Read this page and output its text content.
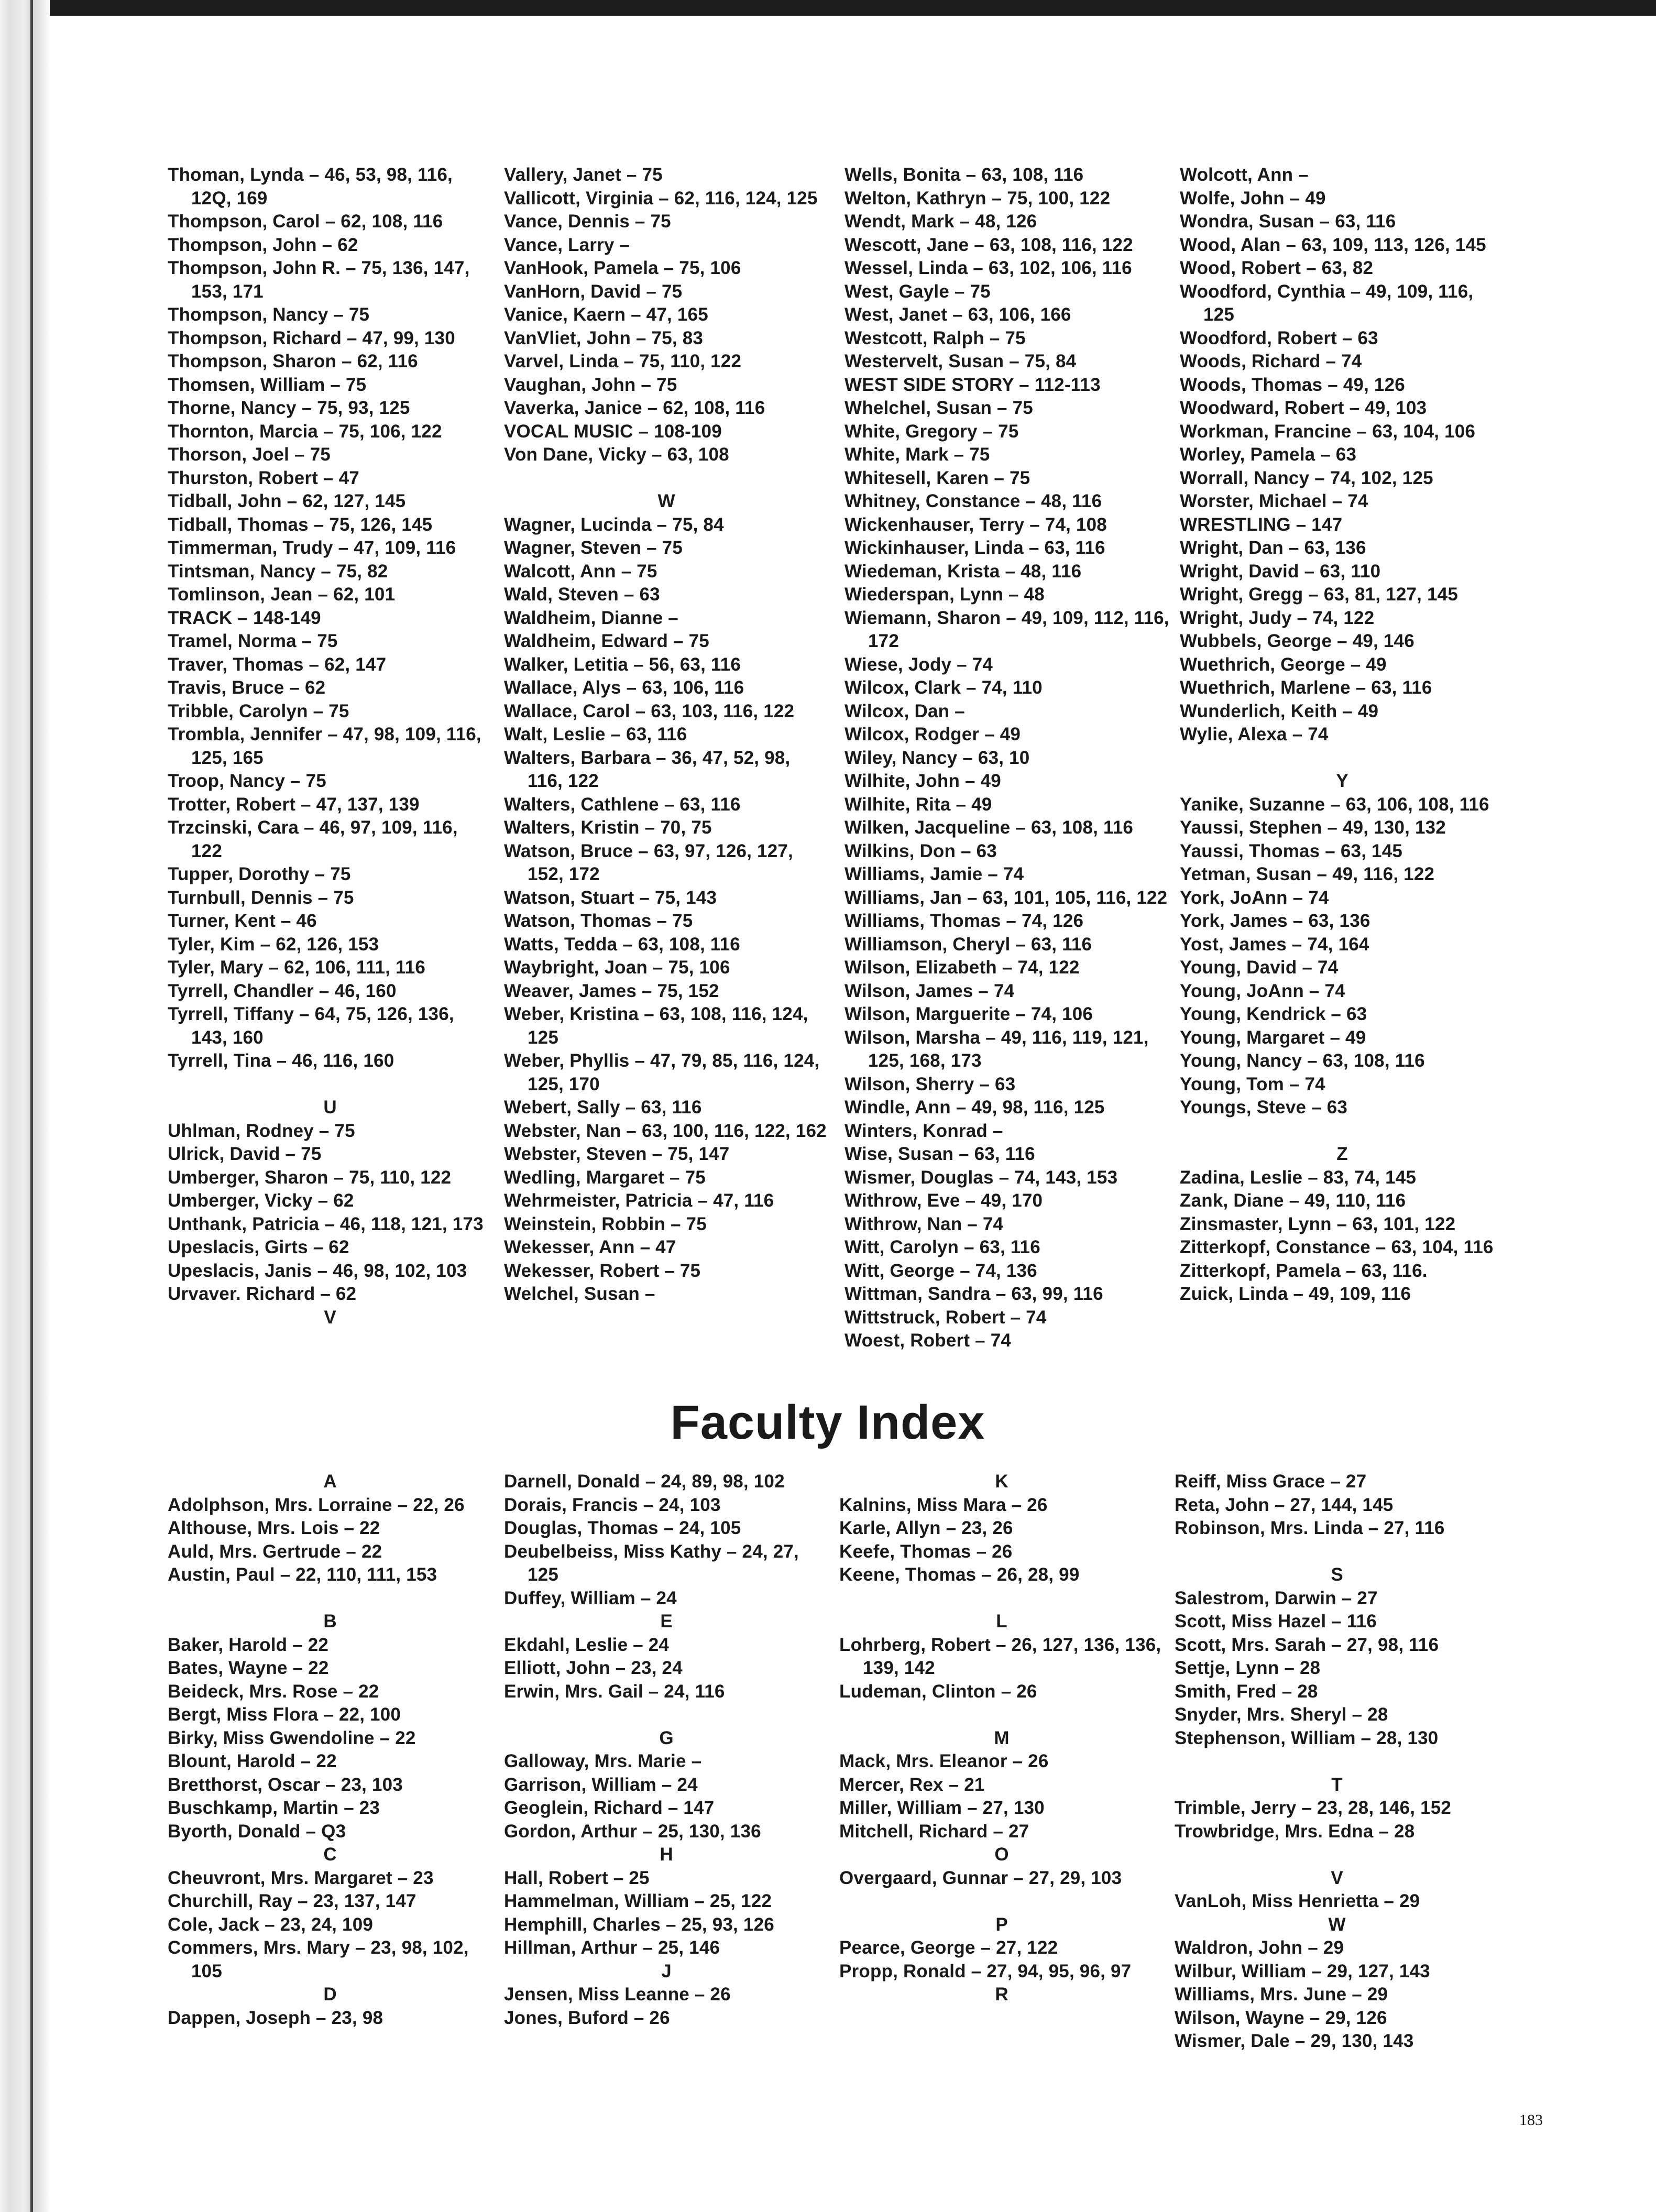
Thoman, Lynda – 46, 53, 98, 116, 12Q, 169
Thompson, Carol – 62, 108, 116
Thompson, John – 62
Thompson, John R. – 75, 136, 147, 153, 171
Thompson, Nancy – 75
Thompson, Richard – 47, 99, 130
Thompson, Sharon – 62, 116
Thomsen, William – 75
Thorne, Nancy – 75, 93, 125
Thornton, Marcia – 75, 106, 122
Thorson, Joel – 75
Thurston, Robert – 47
Tidball, John – 62, 127, 145
Tidball, Thomas – 75, 126, 145
Timmerman, Trudy – 47, 109, 116
Tintsman, Nancy – 75, 82
Tomlinson, Jean – 62, 101
TRACK – 148-149
Tramel, Norma – 75
Traver, Thomas – 62, 147
Travis, Bruce – 62
Tribble, Carolyn – 75
Trombla, Jennifer – 47, 98, 109, 116, 125, 165
Troop, Nancy – 75
Trotter, Robert – 47, 137, 139
Trzcinski, Cara – 46, 97, 109, 116, 122
Tupper, Dorothy – 75
Turnbull, Dennis – 75
Turner, Kent – 46
Tyler, Kim – 62, 126, 153
Tyler, Mary – 62, 106, 111, 116
Tyrrell, Chandler – 46, 160
Tyrrell, Tiffany – 64, 75, 126, 136, 143, 160
Tyrrell, Tina – 46, 116, 160
U
Uhlman, Rodney – 75
Ulrick, David – 75
Umberger, Sharon – 75, 110, 122
Umberger, Vicky – 62
Unthank, Patricia – 46, 118, 121, 173
Upeslacis, Girts – 62
Upeslacis, Janis – 46, 98, 102, 103
Urvaver. Richard – 62
V
Vallery, Janet – 75
Vallicott, Virginia – 62, 116, 124, 125
Vance, Dennis – 75
Vance, Larry –
VanHook, Pamela – 75, 106
VanHorn, David – 75
Vanice, Kaern – 47, 165
VanVliet, John – 75, 83
Varvel, Linda – 75, 110, 122
Vaughan, John – 75
Vaverka, Janice – 62, 108, 116
VOCAL MUSIC – 108-109
Von Dane, Vicky – 63, 108
W
Wagner, Lucinda – 75, 84
Wagner, Steven – 75
Walcott, Ann – 75
Wald, Steven – 63
Waldheim, Dianne –
Waldheim, Edward – 75
Walker, Letitia – 56, 63, 116
Wallace, Alys – 63, 106, 116
Wallace, Carol – 63, 103, 116, 122
Walt, Leslie – 63, 116
Walters, Barbara – 36, 47, 52, 98, 116, 122
Walters, Cathlene – 63, 116
Walters, Kristin – 70, 75
Watson, Bruce – 63, 97, 126, 127, 152, 172
Watson, Stuart – 75, 143
Watson, Thomas – 75
Watts, Tedda – 63, 108, 116
Waybright, Joan – 75, 106
Weaver, James – 75, 152
Weber, Kristina – 63, 108, 116, 124, 125
Weber, Phyllis – 47, 79, 85, 116, 124, 125, 170
Webert, Sally – 63, 116
Webster, Nan – 63, 100, 116, 122, 162
Webster, Steven – 75, 147
Wedling, Margaret – 75
Wehrmeister, Patricia – 47, 116
Weinstein, Robbin – 75
Wekesser, Ann – 47
Wekesser, Robert – 75
Welchel, Susan –
Wells, Bonita – 63, 108, 116
Welton, Kathryn – 75, 100, 122
Wendt, Mark – 48, 126
Wescott, Jane – 63, 108, 116, 122
Wessel, Linda – 63, 102, 106, 116
West, Gayle – 75
West, Janet – 63, 106, 166
Westcott, Ralph – 75
Westervelt, Susan – 75, 84
WEST SIDE STORY – 112-113
Whelchel, Susan – 75
White, Gregory – 75
White, Mark – 75
Whitesell, Karen – 75
Whitney, Constance – 48, 116
Wickenhauser, Terry – 74, 108
Wickinhauser, Linda – 63, 116
Wiedeman, Krista – 48, 116
Wiederspan, Lynn – 48
Wiemann, Sharon – 49, 109, 112, 116, 172
Wiese, Jody – 74
Wilcox, Clark – 74, 110
Wilcox, Dan –
Wilcox, Rodger – 49
Wiley, Nancy – 63, 10
Wilhite, John – 49
Wilhite, Rita – 49
Wilken, Jacqueline – 63, 108, 116
Wilkins, Don – 63
Williams, Jamie – 74
Williams, Jan – 63, 101, 105, 116, 122
Williams, Thomas – 74, 126
Williamson, Cheryl – 63, 116
Wilson, Elizabeth – 74, 122
Wilson, James – 74
Wilson, Marguerite – 74, 106
Wilson, Marsha – 49, 116, 119, 121, 125, 168, 173
Wilson, Sherry – 63
Windle, Ann – 49, 98, 116, 125
Winters, Konrad –
Wise, Susan – 63, 116
Wismer, Douglas – 74, 143, 153
Withrow, Eve – 49, 170
Withrow, Nan – 74
Witt, Carolyn – 63, 116
Witt, George – 74, 136
Wittman, Sandra – 63, 99, 116
Wittstruck, Robert – 74
Woest, Robert – 74
Wolcott, Ann –
Wolfe, John – 49
Wondra, Susan – 63, 116
Wood, Alan – 63, 109, 113, 126, 145
Wood, Robert – 63, 82
Woodford, Cynthia – 49, 109, 116, 125
Woodford, Robert – 63
Woods, Richard – 74
Woods, Thomas – 49, 126
Woodward, Robert – 49, 103
Workman, Francine – 63, 104, 106
Worley, Pamela – 63
Worrall, Nancy – 74, 102, 125
Worster, Michael – 74
WRESTLING – 147
Wright, Dan – 63, 136
Wright, David – 63, 110
Wright, Gregg – 63, 81, 127, 145
Wright, Judy – 74, 122
Wubbels, George – 49, 146
Wuethrich, George – 49
Wuethrich, Marlene – 63, 116
Wunderlich, Keith – 49
Wylie, Alexa – 74
Y
Yanike, Suzanne – 63, 106, 108, 116
Yaussi, Stephen – 49, 130, 132
Yaussi, Thomas – 63, 145
Yetman, Susan – 49, 116, 122
York, JoAnn – 74
York, James – 63, 136
Yost, James – 74, 164
Young, David – 74
Young, JoAnn – 74
Young, Kendrick – 63
Young, Margaret – 49
Young, Nancy – 63, 108, 116
Young, Tom – 74
Youngs, Steve – 63
Z
Zadina, Leslie – 83, 74, 145
Zank, Diane – 49, 110, 116
Zinsmaster, Lynn – 63, 101, 122
Zitterkopf, Constance – 63, 104, 116
Zitterkopf, Pamela – 63, 116.
Zuick, Linda – 49, 109, 116
Faculty Index
A
Adolphson, Mrs. Lorraine – 22, 26
Althouse, Mrs. Lois – 22
Auld, Mrs. Gertrude – 22
Austin, Paul – 22, 110, 111, 153
B
Baker, Harold – 22
Bates, Wayne – 22
Beideck, Mrs. Rose – 22
Bergt, Miss Flora – 22, 100
Birky, Miss Gwendoline – 22
Blount, Harold – 22
Bretthorst, Oscar – 23, 103
Buschkamp, Martin – 23
Byorth, Donald – Q3
C
Cheuvront, Mrs. Margaret – 23
Churchill, Ray – 23, 137, 147
Cole, Jack – 23, 24, 109
Commers, Mrs. Mary – 23, 98, 102, 105
D
Dappen, Joseph – 23, 98
Darnell, Donald – 24, 89, 98, 102
Dorais, Francis – 24, 103
Douglas, Thomas – 24, 105
Deubelbeiss, Miss Kathy – 24, 27, 125
Duffey, William – 24
E
Ekdahl, Leslie – 24
Elliott, John – 23, 24
Erwin, Mrs. Gail – 24, 116
G
Galloway, Mrs. Marie –
Garrison, William – 24
Geoglein, Richard – 147
Gordon, Arthur – 25, 130, 136
H
Hall, Robert – 25
Hammelman, William – 25, 122
Hemphill, Charles – 25, 93, 126
Hillman, Arthur – 25, 146
J
Jensen, Miss Leanne – 26
Jones, Buford – 26
K
Kalnins, Miss Mara – 26
Karle, Allyn – 23, 26
Keefe, Thomas – 26
Keene, Thomas – 26, 28, 99
L
Lohrberg, Robert – 26, 127, 136, 136, 139, 142
Ludeman, Clinton – 26
M
Mack, Mrs. Eleanor – 26
Mercer, Rex – 21
Miller, William – 27, 130
Mitchell, Richard – 27
O
Overgaard, Gunnar – 27, 29, 103
P
Pearce, George – 27, 122
Propp, Ronald – 27, 94, 95, 96, 97
R
Reiff, Miss Grace – 27
Reta, John – 27, 144, 145
Robinson, Mrs. Linda – 27, 116
S
Salestrom, Darwin – 27
Scott, Miss Hazel – 116
Scott, Mrs. Sarah – 27, 98, 116
Settje, Lynn – 28
Smith, Fred – 28
Snyder, Mrs. Sheryl – 28
Stephenson, William – 28, 130
T
Trimble, Jerry – 23, 28, 146, 152
Trowbridge, Mrs. Edna – 28
V
VanLoh, Miss Henrietta – 29
W
Waldron, John – 29
Wilbur, William – 29, 127, 143
Williams, Mrs. June – 29
Wilson, Wayne – 29, 126
Wismer, Dale – 29, 130, 143
183
